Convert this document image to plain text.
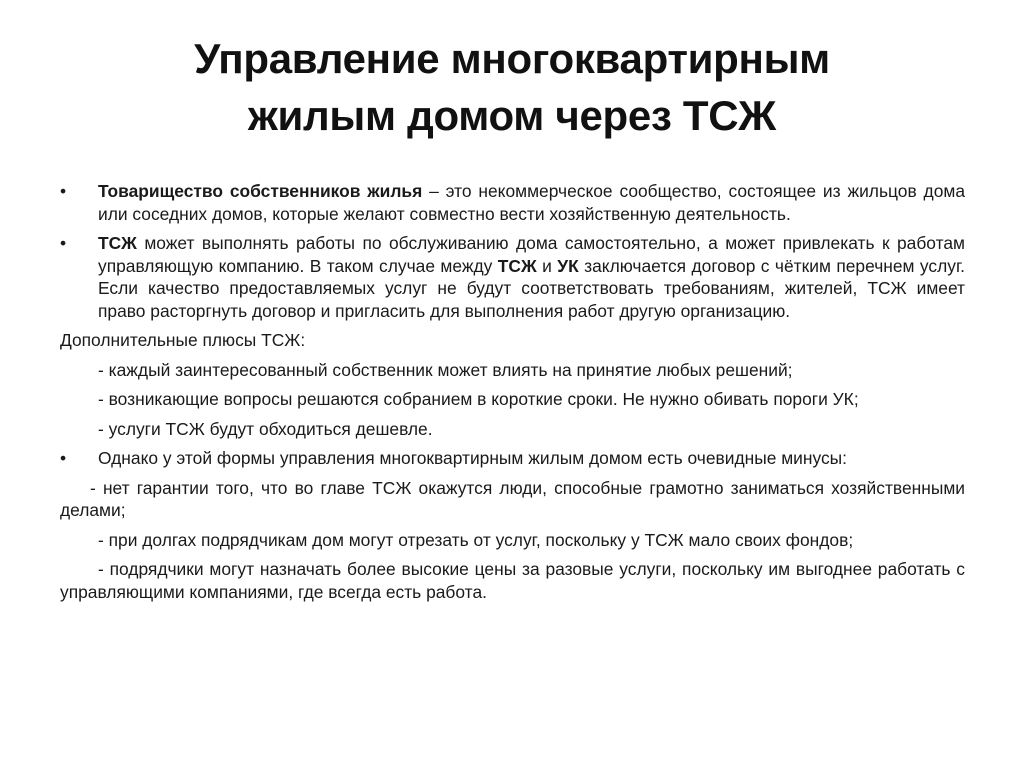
Управление многоквартирным
жилым домом через ТСЖ

•	Товарищество собственников жилья – это некоммерческое сообщество, состоящее из жильцов дома или соседних домов, которые желают совместно вести хозяйственную деятельность.

•	ТСЖ может выполнять работы по обслуживанию дома самостоятельно, а может привлекать к работам управляющую компанию. В таком случае между ТСЖ и УК заключается договор с чётким перечнем услуг. Если качество предоставляемых услуг не будут соответствовать требованиям, жителей, ТСЖ имеет право расторгнуть договор и пригласить для выполнения работ другую организацию.

Дополнительные плюсы ТСЖ:

- каждый заинтересованный собственник может влиять на принятие любых решений;

- возникающие вопросы решаются собранием в короткие сроки. Не нужно обивать пороги УК;

- услуги ТСЖ будут обходиться дешевле.

•	Однако у этой формы управления многоквартирным жилым домом есть очевидные минусы:

- нет гарантии того, что во главе ТСЖ окажутся люди, способные грамотно заниматься хозяйственными делами;

- при долгах подрядчикам дом могут отрезать от услуг, поскольку у ТСЖ мало своих фондов;

- подрядчики могут назначать более высокие цены за разовые услуги, поскольку им выгоднее работать с управляющими компаниями, где всегда есть работа.
